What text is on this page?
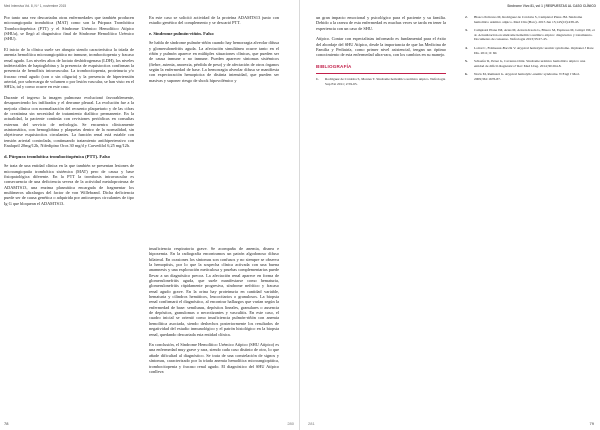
Med Intensiva Vol. 8, N.º 1, noviembre 2015

Por tanto una vez descartadas otras enfermedades que también producen microangiopatía trombótica (MAT) como son la Púrpura Trombótica Trombocitopénica (PTT) y el Síndrome Urémico Hemolítico Atípico (SHUa), se llegó al diagnóstico final de Síndrome Hemolítico Urémico (SHU).

El inicio de la clínica suele ser abrupto siendo característica la tríada de anemia hemolítica microangiopática no inmune, trombocitopenia y fracaso renal agudo. Los niveles altos de lactato deshidrogenasa (LDH), los niveles indetectables de haptoglobina y la presencia de esquistocitos confirman la presencia de hemólisis intravascular. La trombocitopenia, proteinuria y/o fracaso renal agudo (con o sin oliguria) y la presencia de hipertensión arterial, por sobrecarga de volumen o por lesión vascular, se han visto en el SHUa, tal y como ocurre en este caso.

Durante el ingreso la imagen pulmonar evolucionó favorablemente, desapareciendo los infiltrados y el derrame pleural. La evolución fue a la mejoría clínica con normalización del recuento plaquetario y de las cifras de creatinina sin necesidad de tratamiento dialítico permanente. En la actualidad, la paciente continúa con revisiones periódicas en consultas externas del servicio de nefrología. Se encuentra clínicamente asintomática, con hemoglobina y plaquetas dentro de la normalidad, sin objetivarse esquistocitos circulantes. La función renal está estable con tensión arterial controlada, continuando tratamiento antihipertensivo con Enalapril 20mg/12h, Nifedipino Oros 30 mg/d y Carvedilol 6,25 mg/12h.

d. Púrpura trombótica trombocitopénica (PTT). Falso

Se trata de una entidad clínica en la que también se presentan lesiones de microangiopatía trombótica sistémica (MAT) pero de causa y base fisiopatológica diferente. En la PTT la trombosis intravascular es consecuencia de una deficiencia severa de la actividad metaloproteasa de ADAMTS13, una enzima plasmática encargada de fragmentar los multímeros ultralargos del factor de von Willebrand. Dicha deficiencia puede ser de causa genética o adquirida por anticuerpos circulantes de tipo Ig G que bloquean el ADAMTS13.

En este caso se solicitó actividad de la proteína ADAMTS13 junto con estudio genético del complemento y se descartó PTT.

e. Síndrome pulmón-riñón. Falso

Se habla de síndrome pulmón-riñón cuando hay hemorragia alveolar difusa y glomerulonefritis aguda. La afectación simultánea ocurre tanto en el riñón y pulmón aparece en múltiples situaciones clínicas, que pueden ser de causa inmune o no inmune. Pueden aparecer síntomas sistémicos (fiebre, astenia, anorexia, pérdida de peso) y de afectación de otros órganos según la enfermedad de base. La hemorragia alveolar difusa se manifiesta con expectoración hemoptoica de distinta intensidad, que pueden ser masivas y suponer riesgo de shock hipovolémico y

insuficiencia respiratoria grave. Se acompaña de anemia, disnea e hipoxemia. En la radiografía encontramos un patrón algodonoso difuso bilateral. En ocasiones los síntomas son confusos y no siempre se observa la hemoptisis, por lo que la sospecha clínica activada con una buena anamnesis y una exploración meticulosa y pruebas complementarias puede llevar a un diagnóstico precoz. La afectación renal aparece en forma de glomerulonefritis aguda, que suele manifestarse como hematuria, glomerulonefritis rápidamente progresiva, síndrome nefrítico y fracaso renal agudo grave. En la orina hay proteinuria en cantidad variable, hematuria y cilindros hemáticos, leucocitarios o granulosos. La biopsia renal confirmará el diagnóstico, al encontrar hallazgos que varían según la enfermedad de base: semilunas, depósitos lineales, granulares o ausencia de depósitos, granulomas o necrotizantes y vasculitis. En este caso, el cuadro inicial se orientó como insuficiencia pulmón-riñón con anemia hemolítica asociada, siendo deshechos posteriormente los resultados de negatividad del estudio inmunológico y el patrón histológico en la biopsia renal, quedando descartada esta entidad clínica.

En conclusión, el Síndrome Hemolítico Urémico Atípico (SHU Atípico) es una enfermedad muy grave y rara, siendo cada caso distinto de otro, lo que añade dificultad al diagnóstico. Se trata de una constelación de signos y síntomas, caracterizado por la tríada anemia hemolítica microangiopática, trombocitopenia y fracaso renal agudo. El diagnóstico del SHU Atípico conlleva

78	280
Síndrome Vivo 81, vol 1 | RESPUESTAS AL CASO CLÍNICO

un gran impacto emocional y psicológico para el paciente y su familia. Debido a la rareza de esta enfermedad es muchas veces se tarda en tener la experiencia con un caso de SHU.

Atípico. Contar con especialistas informado es fundamental para el éxito del abordaje del SHU Atípico, desde la importancia de que las Medicina de Familia y Pediatría, como primer nivel asistencial, tengan un óptimo conocimiento de esta enfermedad ultra-rara, con los cambios en su manejo.

BIBLIOGRAFÍA
1.	Rodríguez de Córdoba S, Montes T. Síndrome hemolítico urémico atípico. Nefrología Sup Ext 2011; 2:59-65.
2.	Blasco Pelicano M, Rodríguez de Córdoba S, Campistol Plana JM. Síndrome hemolítico urémico atípico. Med Clin (Barc). 2015 Jun 15;145(10):438-45.
3.	Campistol Plana JM, Arias M, Ariceta Iraola G, Blasco M, Espinosa M, Grinyó JM, et al. Actualización en síndrome hemolítico urémico atípico: diagnóstico y tratamiento. Documento de consenso. Nefrología 2013;33:27-45.
4.	Loirat C, Frémeaux-Bacchi V. Atypical hemolytic uremic syndrome. Orphanet J Rare Dis. 2011; 6: 60.
5.	Schaefer R, Pérez G, Cavanna Ortiz. Síndrome urémico hemolítico atípico: una entidad de difícil diagnóstico? Rev Med Urug. 2014;30:264-8.
6.	Noris M, Remuzzi G. Atypical hemolytic-uremic syndrome. N Engl J Med. 2009;361:1676-87.
281	79
